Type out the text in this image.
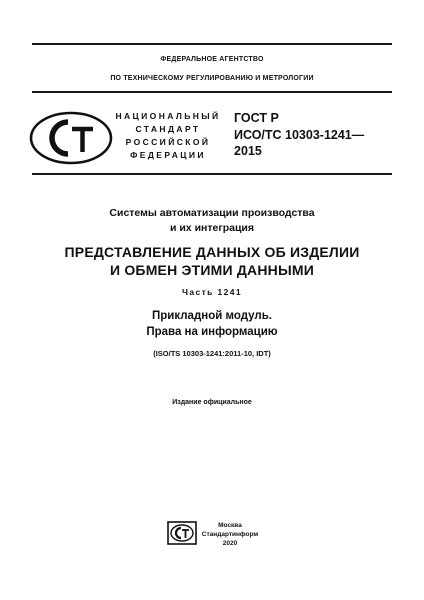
ФЕДЕРАЛЬНОЕ АГЕНТСТВО
ПО ТЕХНИЧЕСКОМУ РЕГУЛИРОВАНИЮ И МЕТРОЛОГИИ
НАЦИОНАЛЬНЫЙ
СТАНДАРТ
РОССИЙСКОЙ
ФЕДЕРАЦИИ
ГОСТ Р
ИСО/ТС 10303-1241—
2015
Системы автоматизации производства
и их интеграция
ПРЕДСТАВЛЕНИЕ ДАННЫХ ОБ ИЗДЕЛИИ
И ОБМЕН ЭТИМИ ДАННЫМИ
Часть 1241
Прикладной модуль.
Права на информацию
(ISO/TS 10303-1241:2011-10, IDT)
Издание официальное
Москва
Стандартинформ
2020
